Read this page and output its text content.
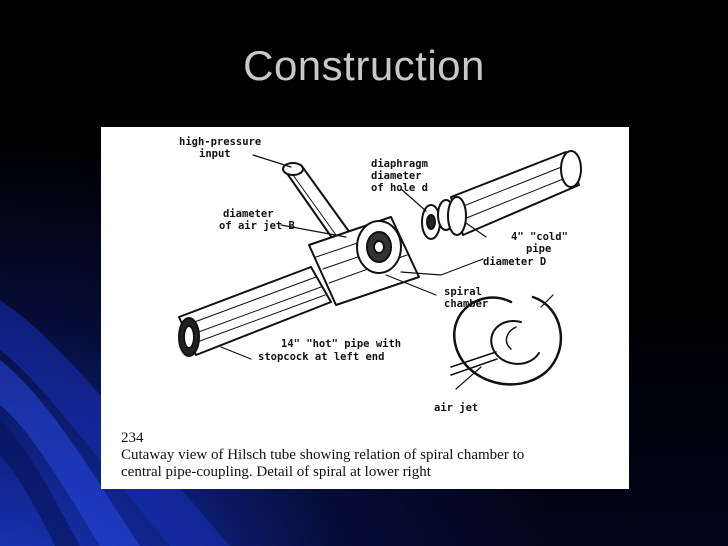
Construction
high-pressure
input
diaphragm
diameter
of hole d
diameter
of air jet B
4" "cold"
pipe
diameter D
spiral
chamber
14" "hot" pipe with
stopcock at left end
air jet
234
Cutaway view of Hilsch tube showing relation of spiral chamber to
central pipe-coupling. Detail of spiral at lower right
